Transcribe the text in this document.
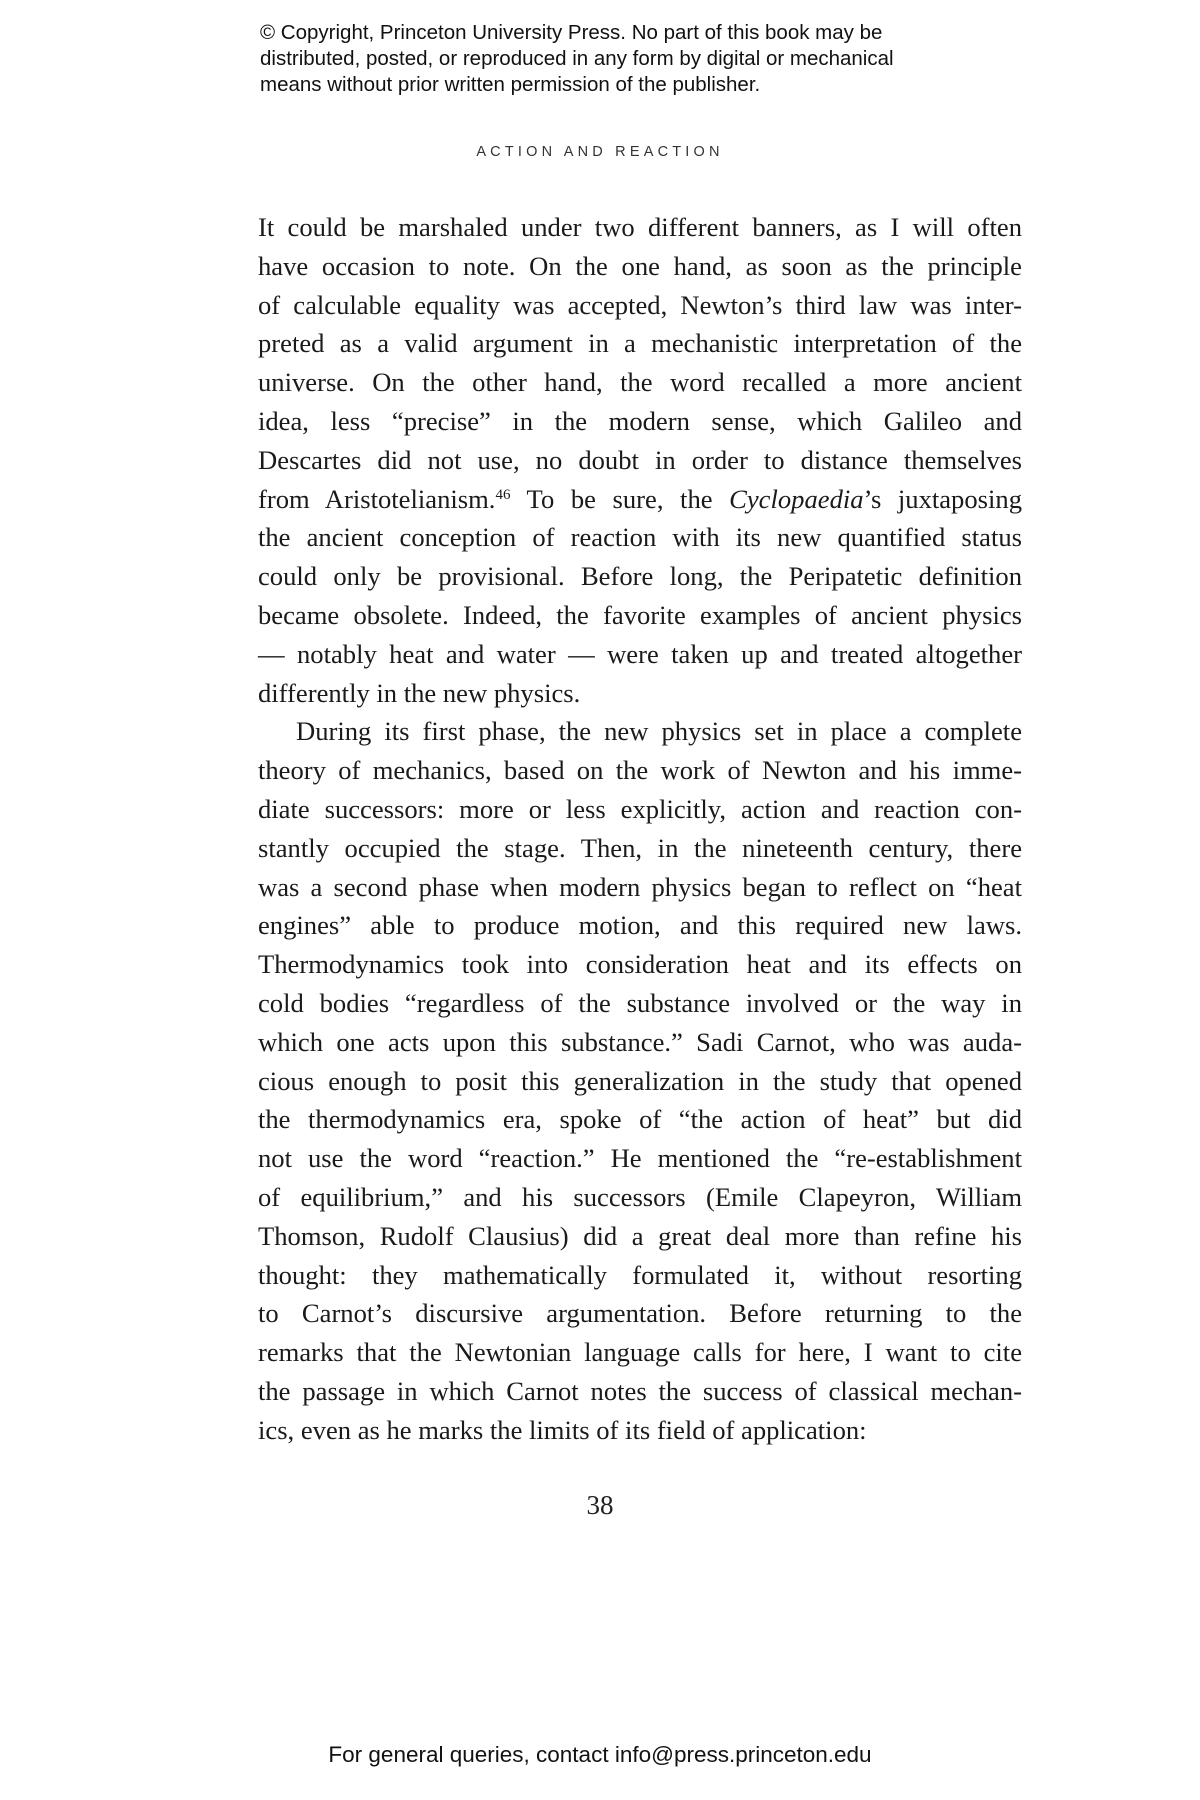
© Copyright, Princeton University Press. No part of this book may be
distributed, posted, or reproduced in any form by digital or mechanical
means without prior written permission of the publisher.
ACTION AND REACTION
It could be marshaled under two different banners, as I will often
have occasion to note. On the one hand, as soon as the principle
of calculable equality was accepted, Newton’s third law was inter-
preted as a valid argument in a mechanistic interpretation of the
universe. On the other hand, the word recalled a more ancient
idea, less “precise” in the modern sense, which Galileo and
Descartes did not use, no doubt in order to distance themselves
from Aristotelianism.$^{46}$ To be sure, the Cyclopaedia’s juxtaposing
the ancient conception of reaction with its new quantified status
could only be provisional. Before long, the Peripatetic definition
became obsolete. Indeed, the favorite examples of ancient physics
— notably heat and water — were taken up and treated altogether
differently in the new physics.
During its first phase, the new physics set in place a complete
theory of mechanics, based on the work of Newton and his imme-
diate successors: more or less explicitly, action and reaction con-
stantly occupied the stage. Then, in the nineteenth century, there
was a second phase when modern physics began to reflect on “heat
engines” able to produce motion, and this required new laws.
Thermodynamics took into consideration heat and its effects on
cold bodies “regardless of the substance involved or the way in
which one acts upon this substance.” Sadi Carnot, who was auda-
cious enough to posit this generalization in the study that opened
the thermodynamics era, spoke of “the action of heat” but did
not use the word “reaction.” He mentioned the “re-establishment
of equilibrium,” and his successors (Emile Clapeyron, William
Thomson, Rudolf Clausius) did a great deal more than refine his
thought: they mathematically formulated it, without resorting
to Carnot’s discursive argumentation. Before returning to the
remarks that the Newtonian language calls for here, I want to cite
the passage in which Carnot notes the success of classical mechan-
ics, even as he marks the limits of its field of application:
38
For general queries, contact info@press.princeton.edu
